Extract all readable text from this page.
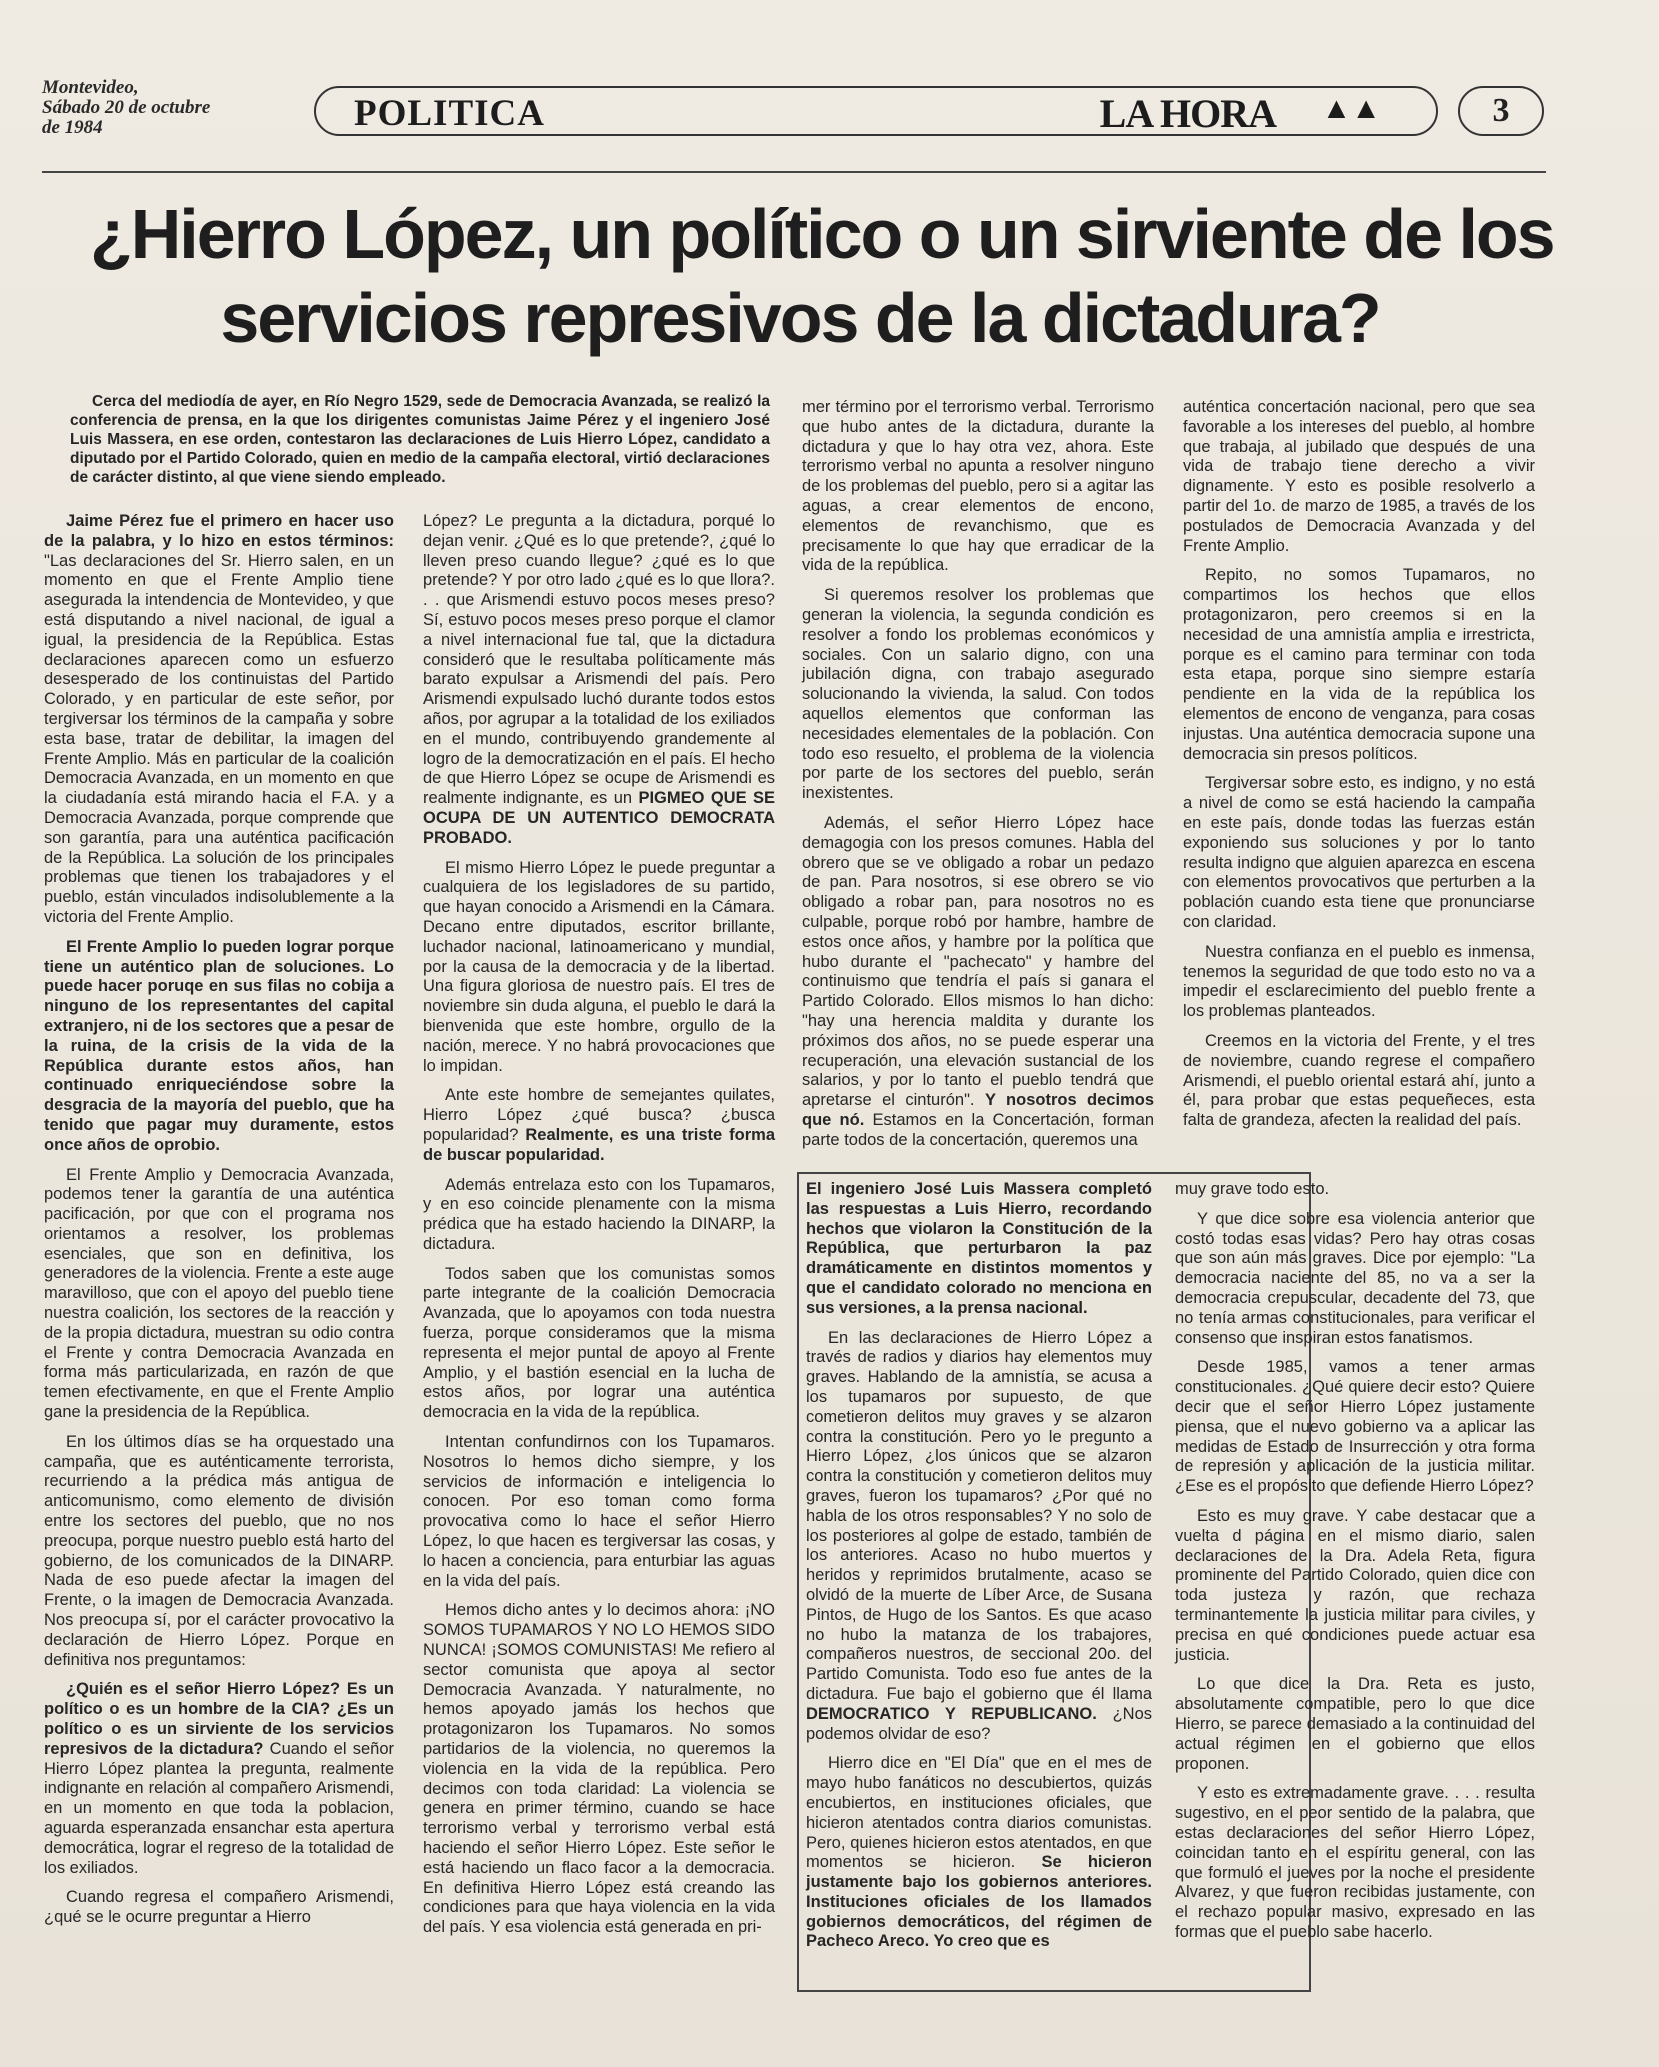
Montevideo,
Sábado 20 de octubre
de 1984	POLITICA	LA HORA ▲▲	3
¿Hierro López, un político o un sirviente de los
servicios represivos de la dictadura?

Cerca del mediodía de ayer, en Río Negro 1529, sede de Democracia Avanzada, se realizó la conferencia de prensa, en la que los dirigentes comunistas Jaime Pérez y el ingeniero José Luis Massera, en ese orden, contestaron las declaraciones de Luis Hierro López, candidato a diputado por el Partido Colorado, quien en medio de la campaña electoral, virtió declaraciones de carácter distinto, al que viene siendo empleado.

Jaime Pérez fue el primero en hacer uso de la palabra, y lo hizo en estos términos: "Las declaraciones del Sr. Hierro salen, en un momento en que el Frente Amplio tiene asegurada la intendencia de Montevideo, y que está disputando a nivel nacional, de igual a igual, la presidencia de la República. Estas declaraciones aparecen como un esfuerzo desesperado de los continuistas del Partido Colorado, y en particular de este señor, por tergiversar los términos de la campaña y sobre esta base, tratar de debilitar, la imagen del Frente Amplio. Más en particular de la coalición Democracia Avanzada, en un momento en que la ciudadanía está mirando hacia el F.A. y a Democracia Avanzada, porque comprende que son garantía, para una auténtica pacificación de la República. La solución de los principales problemas que tienen los trabajadores y el pueblo, están vinculados indisolublemente a la victoria del Frente Amplio.

El Frente Amplio lo pueden lograr porque tiene un auténtico plan de soluciones. Lo puede hacer poruqe en sus filas no cobija a ninguno de los representantes del capital extranjero, ni de los sectores que a pesar de la ruina, de la crisis de la vida de la República durante estos años, han continuado enriqueciéndose sobre la desgracia de la mayoría del pueblo, que ha tenido que pagar muy duramente, estos once años de oprobio.

El Frente Amplio y Democracia Avanzada, podemos tener la garantía de una auténtica pacificación, por que con el programa nos orientamos a resolver, los problemas esenciales, que son en definitiva, los generadores de la violencia. Frente a este auge maravilloso, que con el apoyo del pueblo tiene nuestra coalición, los sectores de la reacción y de la propia dictadura, muestran su odio contra el Frente y contra Democracia Avanzada en forma más particularizada, en razón de que temen efectivamente, en que el Frente Amplio gane la presidencia de la República.

En los últimos días se ha orquestado una campaña, que es auténticamente terrorista, recurriendo a la prédica más antigua de anticomunismo, como elemento de división entre los sectores del pueblo, que no nos preocupa, porque nuestro pueblo está harto del gobierno, de los comunicados de la DINARP. Nada de eso puede afectar la imagen del Frente, o la imagen de Democracia Avanzada. Nos preocupa sí, por el carácter provocativo la declaración de Hierro López. Porque en definitiva nos preguntamos:

¿Quién es el señor Hierro López? Es un político o es un hombre de la CIA? ¿Es un político o es un sirviente de los servicios represivos de la dictadura? Cuando el señor Hierro López plantea la pregunta, realmente indignante en relación al compañero Arismendi, en un momento en que toda la poblacion, aguarda esperanzada ensanchar esta apertura democrática, lograr el regreso de la totalidad de los exiliados.

Cuando regresa el compañero Arismendi, ¿qué se le ocurre preguntar a Hierro

López? Le pregunta a la dictadura, porqué lo dejan venir. ¿Qué es lo que pretende?, ¿qué lo lleven preso cuando llegue? ¿qué es lo que pretende? Y por otro lado ¿qué es lo que llora?. . . que Arismendi estuvo pocos meses preso? Sí, estuvo pocos meses preso porque el clamor a nivel internacional fue tal, que la dictadura consideró que le resultaba políticamente más barato expulsar a Arismendi del país. Pero Arismendi expulsado luchó durante todos estos años, por agrupar a la totalidad de los exiliados en el mundo, contribuyendo grandemente al logro de la democratización en el país. El hecho de que Hierro López se ocupe de Arismendi es realmente indignante, es un PIGMEO QUE SE OCUPA DE UN AUTENTICO DEMOCRATA PROBADO.

El mismo Hierro López le puede preguntar a cualquiera de los legisladores de su partido, que hayan conocido a Arismendi en la Cámara. Decano entre diputados, escritor brillante, luchador nacional, latinoamericano y mundial, por la causa de la democracia y de la libertad. Una figura gloriosa de nuestro país. El tres de noviembre sin duda alguna, el pueblo le dará la bienvenida que este hombre, orgullo de la nación, merece. Y no habrá provocaciones que lo impidan.

Ante este hombre de semejantes quilates, Hierro López ¿qué busca? ¿busca popularidad? Realmente, es una triste forma de buscar popularidad.

Además entrelaza esto con los Tupamaros, y en eso coincide plenamente con la misma prédica que ha estado haciendo la DINARP, la dictadura.

Todos saben que los comunistas somos parte integrante de la coalición Democracia Avanzada, que lo apoyamos con toda nuestra fuerza, porque consideramos que la misma representa el mejor puntal de apoyo al Frente Amplio, y el bastión esencial en la lucha de estos años, por lograr una auténtica democracia en la vida de la república.

Intentan confundirnos con los Tupamaros. Nosotros lo hemos dicho siempre, y los servicios de información e inteligencia lo conocen. Por eso toman como forma provocativa como lo hace el señor Hierro López, lo que hacen es tergiversar las cosas, y lo hacen a conciencia, para enturbiar las aguas en la vida del país.

Hemos dicho antes y lo decimos ahora: ¡NO SOMOS TUPAMAROS Y NO LO HEMOS SIDO NUNCA! ¡SOMOS COMUNISTAS! Me refiero al sector comunista que apoya al sector Democracia Avanzada. Y naturalmente, no hemos apoyado jamás los hechos que protagonizaron los Tupamaros. No somos partidarios de la violencia, no queremos la violencia en la vida de la república. Pero decimos con toda claridad: La violencia se genera en primer término, cuando se hace terrorismo verbal y terrorismo verbal está haciendo el señor Hierro López. Este señor le está haciendo un flaco facor a la democracia. En definitiva Hierro López está creando las condiciones para que haya violencia en la vida del país. Y esa violencia está generada en pri-

mer término por el terrorismo verbal. Terrorismo que hubo antes de la dictadura, durante la dictadura y que lo hay otra vez, ahora. Este terrorismo verbal no apunta a resolver ninguno de los problemas del pueblo, pero si a agitar las aguas, a crear elementos de encono, elementos de revanchismo, que es precisamente lo que hay que erradicar de la vida de la república.

Si queremos resolver los problemas que generan la violencia, la segunda condición es resolver a fondo los problemas económicos y sociales. Con un salario digno, con una jubilación digna, con trabajo asegurado solucionando la vivienda, la salud. Con todos aquellos elementos que conforman las necesidades elementales de la población. Con todo eso resuelto, el problema de la violencia por parte de los sectores del pueblo, serán inexistentes.

Además, el señor Hierro López hace demagogia con los presos comunes. Habla del obrero que se ve obligado a robar un pedazo de pan. Para nosotros, si ese obrero se vio obligado a robar pan, para nosotros no es culpable, porque robó por hambre, hambre de estos once años, y hambre por la política que hubo durante el "pachecato" y hambre del continuismo que tendría el país si ganara el Partido Colorado. Ellos mismos lo han dicho: "hay una herencia maldita y durante los próximos dos años, no se puede esperar una recuperación, una elevación sustancial de los salarios, y por lo tanto el pueblo tendrá que apretarse el cinturón". Y nosotros decimos que nó. Estamos en la Concertación, forman parte todos de la concertación, queremos una

auténtica concertación nacional, pero que sea favorable a los intereses del pueblo, al hombre que trabaja, al jubilado que después de una vida de trabajo tiene derecho a vivir dignamente. Y esto es posible resolverlo a partir del 1o. de marzo de 1985, a través de los postulados de Democracia Avanzada y del Frente Amplio.

Repito, no somos Tupamaros, no compartimos los hechos que ellos protagonizaron, pero creemos si en la necesidad de una amnistía amplia e irrestricta, porque es el camino para terminar con toda esta etapa, porque sino siempre estaría pendiente en la vida de la república los elementos de encono de venganza, para cosas injustas. Una auténtica democracia supone una democracia sin presos políticos.

Tergiversar sobre esto, es indigno, y no está a nivel de como se está haciendo la campaña en este país, donde todas las fuerzas están exponiendo sus soluciones y por lo tanto resulta indigno que alguien aparezca en escena con elementos provocativos que perturben a la población cuando esta tiene que pronunciarse con claridad.

Nuestra confianza en el pueblo es inmensa, tenemos la seguridad de que todo esto no va a impedir el esclarecimiento del pueblo frente a los problemas planteados.

Creemos en la victoria del Frente, y el tres de noviembre, cuando regrese el compañero Arismendi, el pueblo oriental estará ahí, junto a él, para probar que estas pequeñeces, esta falta de grandeza, afecten la realidad del país.

El ingeniero José Luis Massera completó las respuestas a Luis Hierro, recordando hechos que violaron la Constitución de la República, que perturbaron la paz dramáticamente en distintos momentos y que el candidato colorado no menciona en sus versiones, a la prensa nacional.

En las declaraciones de Hierro López a través de radios y diarios hay elementos muy graves. Hablando de la amnistía, se acusa a los tupamaros por supuesto, de que cometieron delitos muy graves y se alzaron contra la constitución. Pero yo le pregunto a Hierro López, ¿los únicos que se alzaron contra la constitución y cometieron delitos muy graves, fueron los tupamaros? ¿Por qué no habla de los otros responsables? Y no solo de los posteriores al golpe de estado, también de los anteriores. Acaso no hubo muertos y heridos y reprimidos brutalmente, acaso se olvidó de la muerte de Líber Arce, de Susana Pintos, de Hugo de los Santos. Es que acaso no hubo la matanza de los trabajores, compañeros nuestros, de seccional 20o. del Partido Comunista. Todo eso fue antes de la dictadura. Fue bajo el gobierno que él llama DEMOCRATICO Y REPUBLICANO. ¿Nos podemos olvidar de eso?

Hierro dice en "El Día" que en el mes de mayo hubo fanáticos no descubiertos, quizás encubiertos, en instituciones oficiales, que hicieron atentados contra diarios comunistas. Pero, quienes hicieron estos atentados, en que momentos se hicieron. Se hicieron justamente bajo los gobiernos anteriores. Instituciones oficiales de los llamados gobiernos democráticos, del régimen de Pacheco Areco. Yo creo que es

muy grave todo esto.

Y que dice sobre esa violencia anterior que costó todas esas vidas? Pero hay otras cosas que son aún más graves. Dice por ejemplo: "La democracia naciente del 85, no va a ser la democracia crepuscular, decadente del 73, que no tenía armas constitucionales, para verificar el consenso que inspiran estos fanatismos.

Desde 1985, vamos a tener armas constitucionales. ¿Qué quiere decir esto? Quiere decir que el señor Hierro López justamente piensa, que el nuevo gobierno va a aplicar las medidas de Estado de Insurrección y otra forma de represión y aplicación de la justicia militar. ¿Ese es el propósito que defiende Hierro López?

Esto es muy grave. Y cabe destacar que a vuelta d página en el mismo diario, salen declaraciones de la Dra. Adela Reta, figura prominente del Partido Colorado, quien dice con toda justeza y razón, que rechaza terminantemente la justicia militar para civiles, y precisa en qué condiciones puede actuar esa justicia.

Lo que dice la Dra. Reta es justo, absolutamente compatible, pero lo que dice Hierro, se parece demasiado a la continuidad del actual régimen en el gobierno que ellos proponen.

Y esto es extremadamente grave. . . . resulta sugestivo, en el peor sentido de la palabra, que estas declaraciones del señor Hierro López, coincidan tanto en el espíritu general, con las que formuló el jueves por la noche el presidente Alvarez, y que fueron recibidas justamente, con el rechazo popular masivo, expresado en las formas que el pueblo sabe hacerlo.
